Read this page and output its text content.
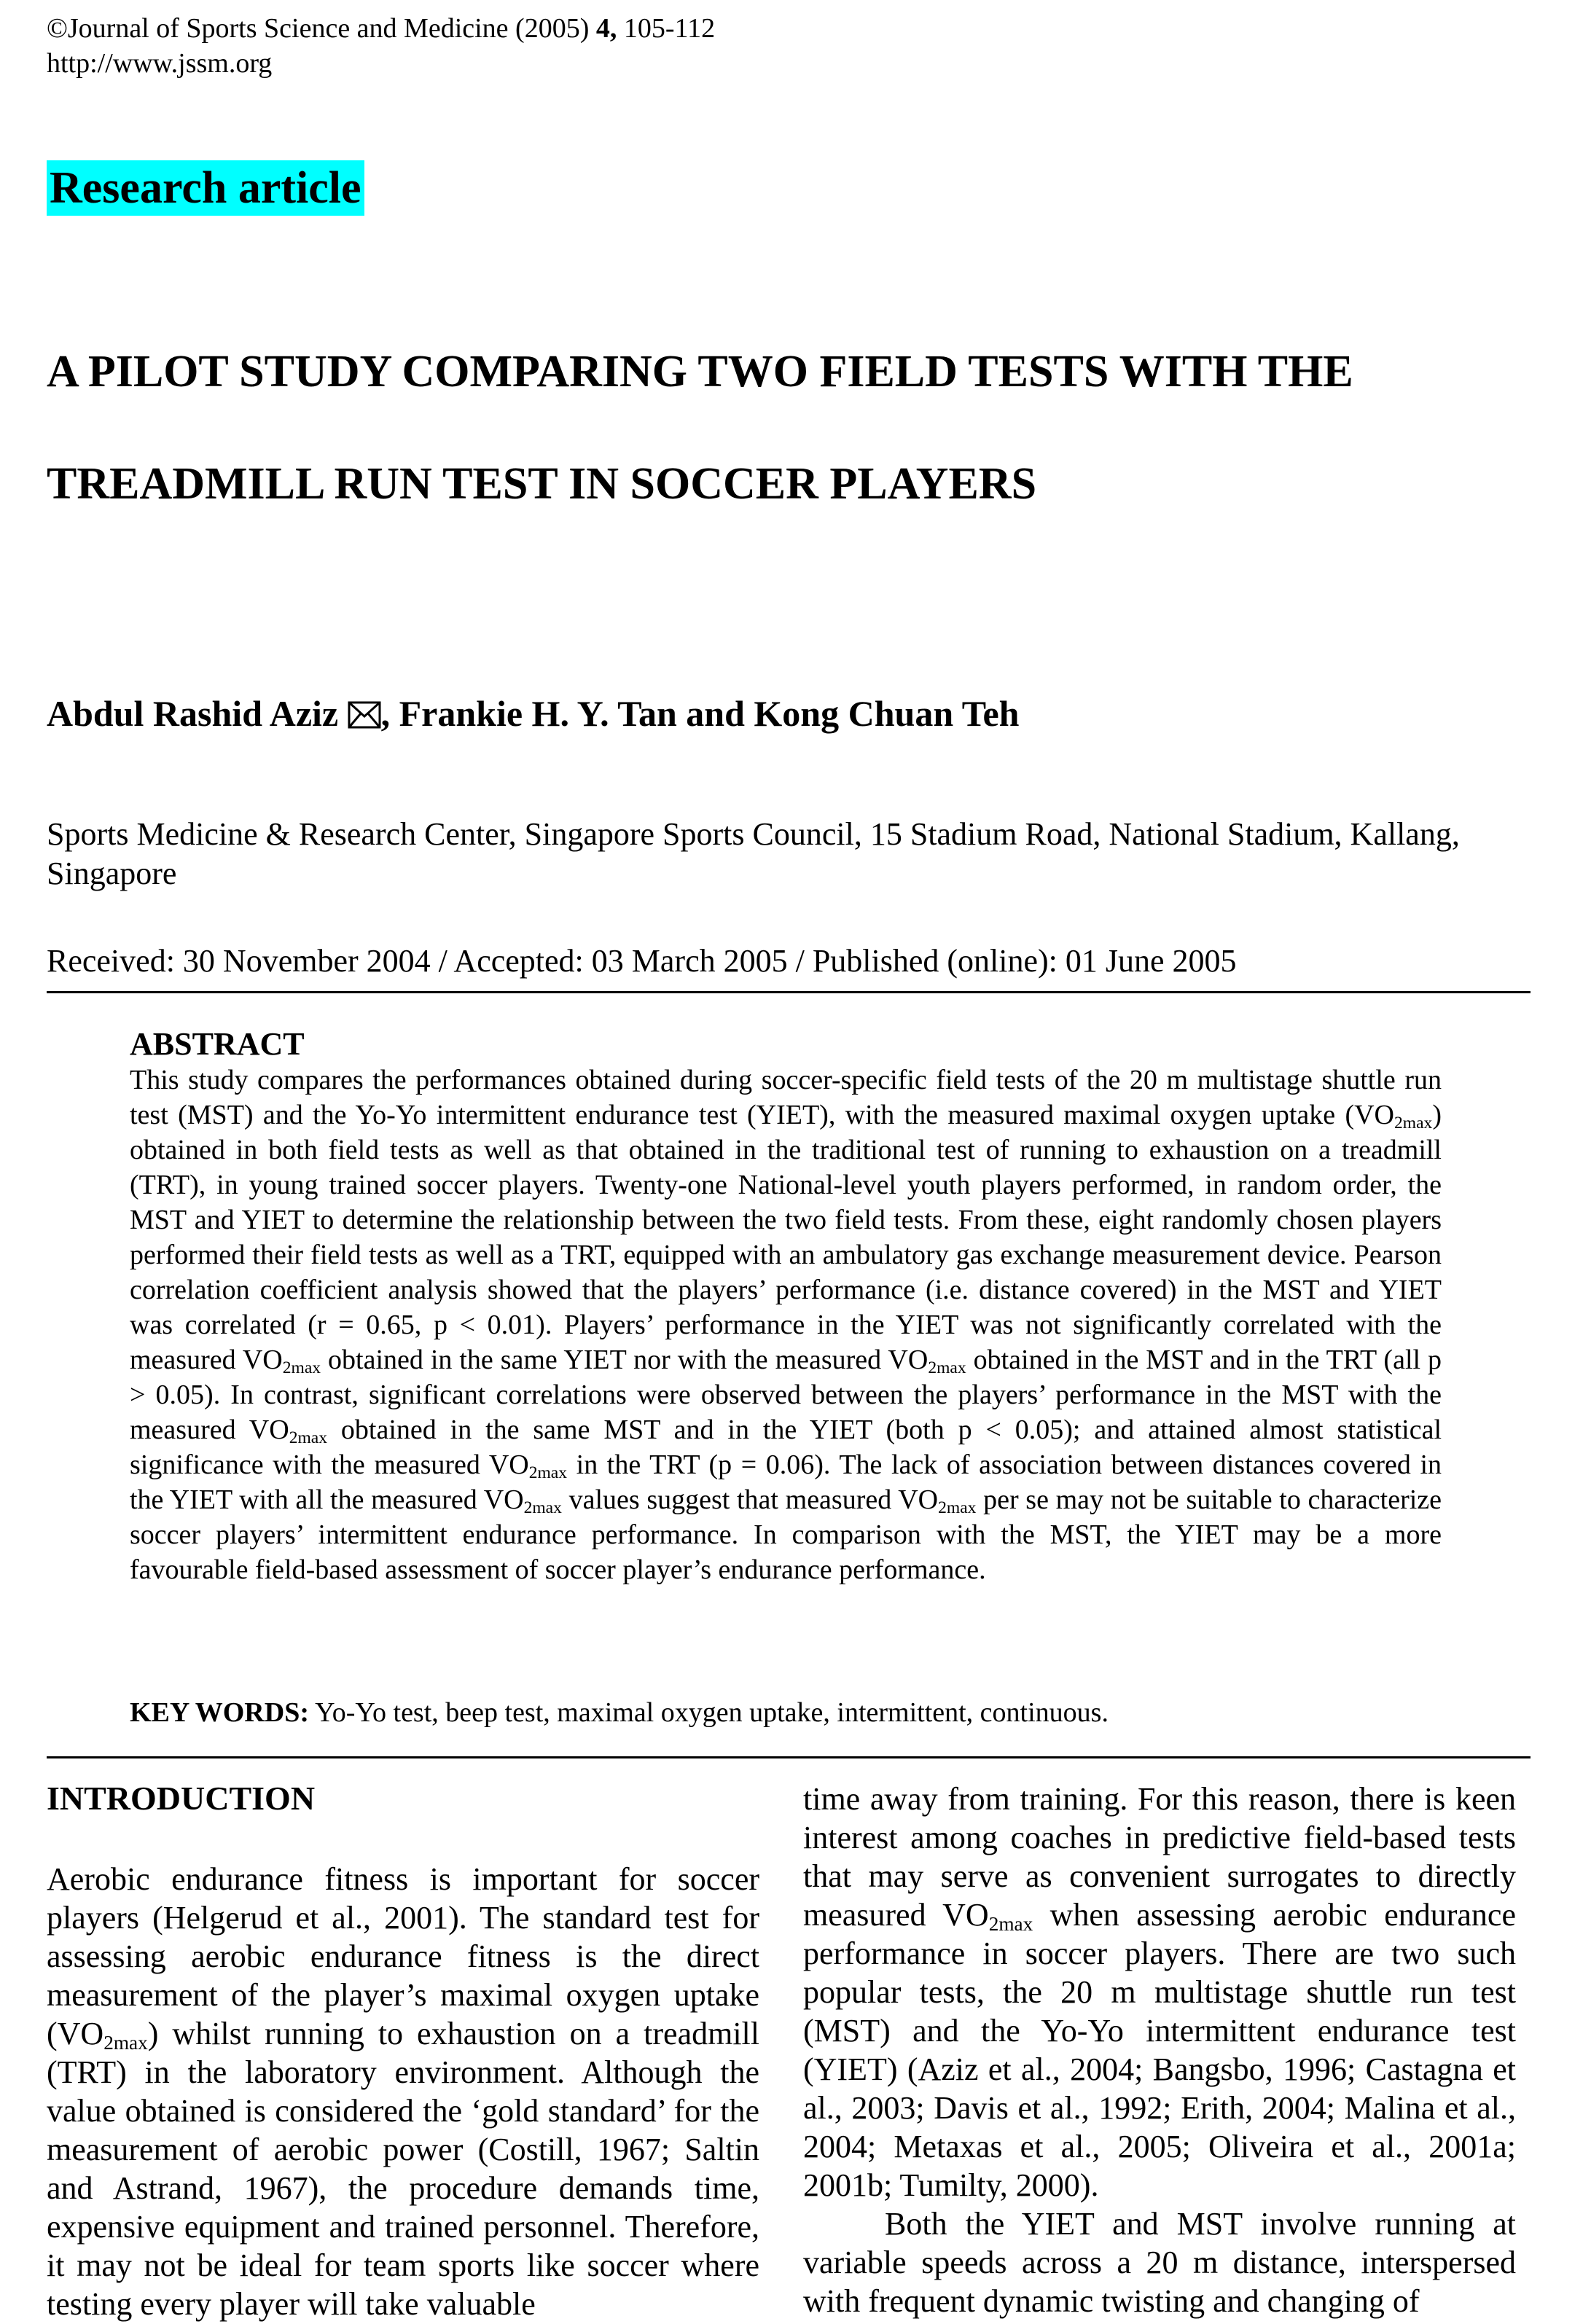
©Journal of Sports Science and Medicine (2005) 4, 105-112
http://www.jssm.org
Research article
A PILOT STUDY COMPARING TWO FIELD TESTS WITH THE
TREADMILL RUN TEST IN SOCCER PLAYERS
Abdul Rashid Aziz , Frankie H. Y. Tan and Kong Chuan Teh
Sports Medicine & Research Center, Singapore Sports Council, 15 Stadium Road, National Stadium, Kallang, Singapore
Received: 30 November 2004 / Accepted: 03 March 2005 / Published (online): 01 June 2005
ABSTRACT
This study compares the performances obtained during soccer-specific field tests of the 20 m multistage shuttle run test (MST) and the Yo-Yo intermittent endurance test (YIET), with the measured maximal oxygen uptake $(VO_{2max})$ obtained in both field tests as well as that obtained in the traditional test of running to exhaustion on a treadmill (TRT), in young trained soccer players. Twenty-one National-level youth players performed, in random order, the MST and YIET to determine the relationship between the two field tests. From these, eight randomly chosen players performed their field tests as well as a TRT, equipped with an ambulatory gas exchange measurement device. Pearson correlation coefficient analysis showed that the players’ performance (i.e. distance covered) in the MST and YIET was correlated (r = 0.65, p < 0.01). Players’ performance in the YIET was not significantly correlated with the measured $VO_{2max}$ obtained in the same YIET nor with the measured $VO_{2max}$ obtained in the MST and in the TRT (all p > 0.05). In contrast, significant correlations were observed between the players’ performance in the MST with the measured $VO_{2max}$ obtained in the same MST and in the YIET (both p < 0.05); and attained almost statistical significance with the measured $VO_{2max}$ in the TRT (p = 0.06). The lack of association between distances covered in the YIET with all the measured $VO_{2max}$ values suggest that measured $VO_{2max}$ per se may not be suitable to characterize soccer players’ intermittent endurance performance. In comparison with the MST, the YIET may be a more favourable field-based assessment of soccer player’s endurance performance.
KEY WORDS: Yo-Yo test, beep test, maximal oxygen uptake, intermittent, continuous.
INTRODUCTION

Aerobic endurance fitness is important for soccer players (Helgerud et al., 2001). The standard test for assessing aerobic endurance fitness is the direct measurement of the player’s maximal oxygen uptake $(VO_{2max})$ whilst running to exhaustion on a treadmill (TRT) in the laboratory environment. Although the value obtained is considered the ‘gold standard’ for the measurement of aerobic power (Costill, 1967; Saltin and Astrand, 1967), the procedure demands time, expensive equipment and trained personnel. Therefore, it may not be ideal for team sports like soccer where testing every player will take valuable

time away from training. For this reason, there is keen interest among coaches in predictive field-based tests that may serve as convenient surrogates to directly measured $VO_{2max}$ when assessing aerobic endurance performance in soccer players. There are two such popular tests, the 20 m multistage shuttle run test (MST) and the Yo-Yo intermittent endurance test (YIET) (Aziz et al., 2004; Bangsbo, 1996; Castagna et al., 2003; Davis et al., 1992; Erith, 2004; Malina et al., 2004; Metaxas et al., 2005; Oliveira et al., 2001a; 2001b; Tumilty, 2000).

Both the YIET and MST involve running at variable speeds across a 20 m distance, interspersed with frequent dynamic twisting and changing of
